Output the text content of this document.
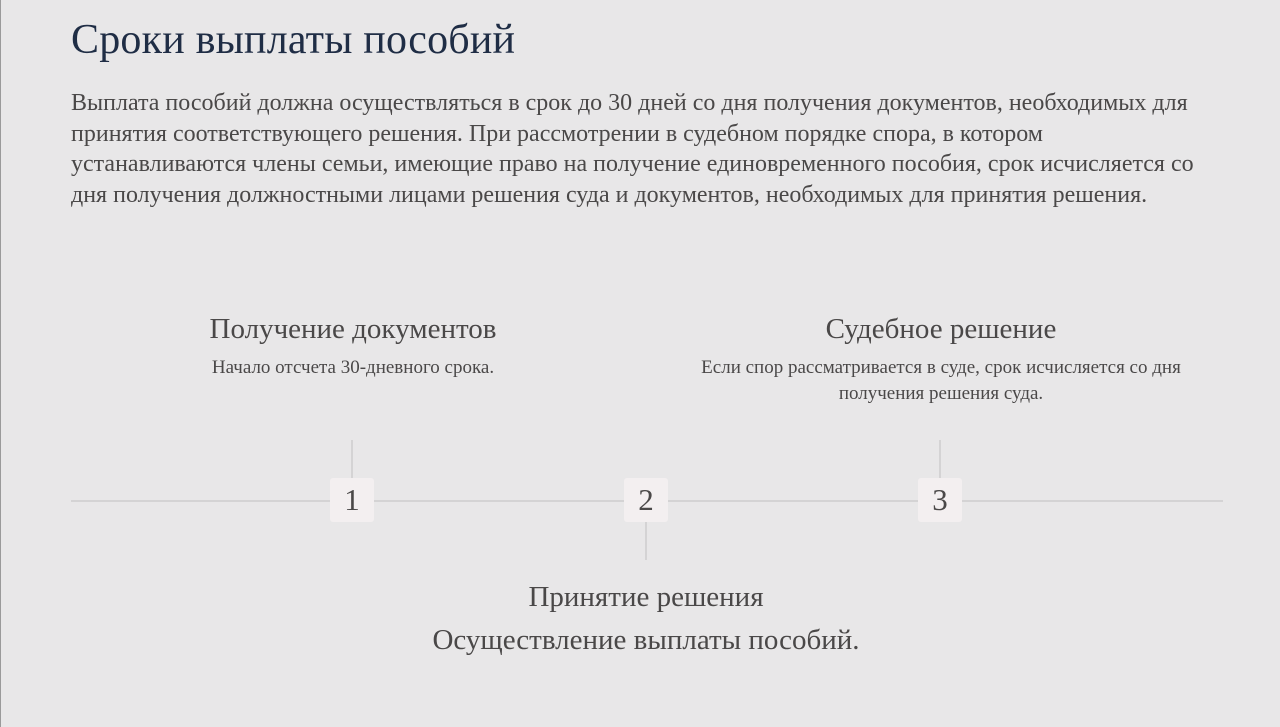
Сроки выплаты пособий

Выплата пособий должна осуществляться в срок до 30 дней со дня получения документов, необходимых для принятия соответствующего решения. При рассмотрении в судебном порядке спора, в котором устанавливаются члены семьи, имеющие право на получение единовременного пособия, срок исчисляется со дня получения должностными лицами решения суда и документов, необходимых для принятия решения.

Получение документов
Начало отсчета 30-дневного срока.
Судебное решение
Если спор рассматривается в суде, срок исчисляется со дня получения решения суда.
1	2	3
Принятие решения
Осуществление выплаты пособий.
